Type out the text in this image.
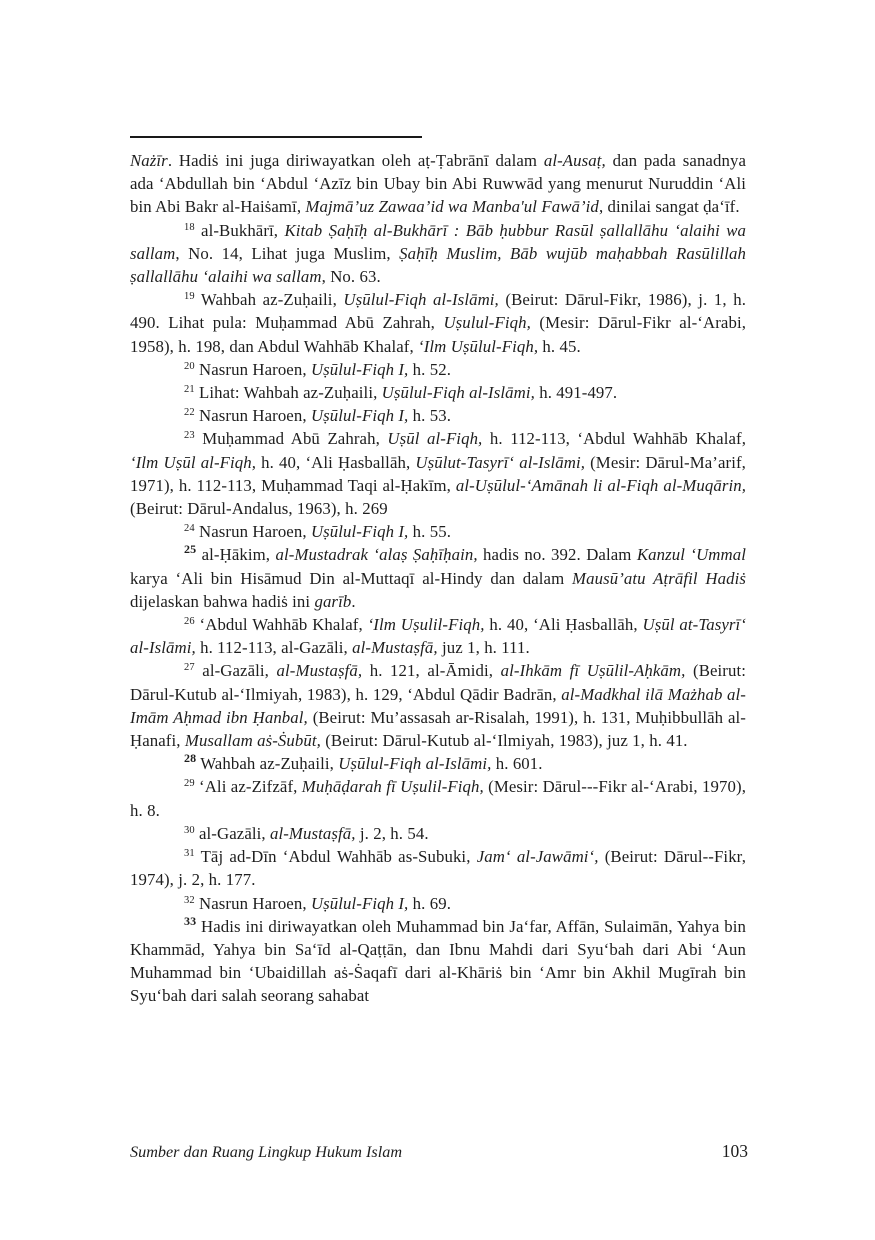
Nażīr. Hadiṡ ini juga diriwayatkan oleh aṭ-Ṭabrānī dalam al-Ausaṭ, dan pada sanadnya ada ‘Abdullah bin ‘Abdul ‘Azīz bin Ubay bin Abi Ruwwād yang menurut Nuruddin ‘Ali bin Abi Bakr al-Haiṡamī, Majmā’uz Zawaa’id wa Manba'ul Fawā’id, dinilai sangat ḍa‘īf.

$^{18}$ al-Bukhārī, Kitab Ṣaḥīḥ al-Bukhārī : Bāb ḥubbur Rasūl ṣallallāhu ‘alaihi wa sallam, No. 14, Lihat juga Muslim, Ṣaḥīḥ Muslim, Bāb wujūb maḥabbah Rasūlillah ṣallallāhu ‘alaihi wa sallam, No. 63.

$^{19}$ Wahbah az-Zuḥaili, Uṣūlul-Fiqh al-Islāmi, (Beirut: Dārul-Fikr, 1986), j. 1, h. 490. Lihat pula: Muḥammad Abū Zahrah, Uṣulul-Fiqh, (Mesir: Dārul-Fikr al-‘Arabi, 1958), h. 198, dan Abdul Wahhāb Khalaf, ‘Ilm Uṣūlul-Fiqh, h. 45.

$^{20}$ Nasrun Haroen, Uṣūlul-Fiqh I, h. 52.

$^{21}$ Lihat: Wahbah az-Zuḥaili, Uṣūlul-Fiqh al-Islāmi, h. 491-497.

$^{22}$ Nasrun Haroen, Uṣūlul-Fiqh I, h. 53.

$^{23}$ Muḥammad Abū Zahrah, Uṣūl al-Fiqh, h. 112-113, ‘Abdul Wahhāb Khalaf, ‘Ilm Uṣūl al-Fiqh, h. 40, ‘Ali Ḥasballāh, Uṣūlut-Tasyrī‘ al-Islāmi, (Mesir: Dārul-Ma’arif, 1971), h. 112-113, Muḥammad Taqi al-Ḥakīm, al-Uṣūlul-‘Amānah li al-Fiqh al-Muqārin, (Beirut: Dārul-Andalus, 1963), h. 269

$^{24}$ Nasrun Haroen, Uṣūlul-Fiqh I, h. 55.

$^{25}$ al-Ḥākim, al-Mustadrak ‘alaṣ Ṣaḥīḥain, hadis no. 392. Dalam Kanzul ‘Ummal karya ‘Ali bin Hisāmud Din al-Muttaqī al-Hindy dan dalam Mausū’atu Aṭrāfil Hadiṡ dijelaskan bahwa hadiṡ ini garīb.

$^{26}$ ‘Abdul Wahhāb Khalaf, ‘Ilm Uṣulil-Fiqh, h. 40, ‘Ali Ḥasballāh, Uṣūl at-Tasyrī‘ al-Islāmi, h. 112-113, al-Gazāli, al-Mustaṣfā, juz 1, h. 111.

$^{27}$ al-Gazāli, al-Mustaṣfā, h. 121, al-Āmidi, al-Ihkām fī Uṣūlil-Aḥkām, (Beirut: Dārul-Kutub al-‘Ilmiyah, 1983), h. 129, ‘Abdul Qādir Badrān, al-Madkhal ilā Mażhab al-Imām Aḥmad ibn Ḥanbal, (Beirut: Mu’assasah ar-Risalah, 1991), h. 131, Muḥibbullāh al-Ḥanafi, Musallam aṡ-Ṡubūt, (Beirut: Dārul-Kutub al-‘Ilmiyah, 1983), juz 1, h. 41.

$^{28}$ Wahbah az-Zuḥaili, Uṣūlul-Fiqh al-Islāmi, h. 601.

$^{29}$ ‘Ali az-Zifzāf, Muḥāḍarah fī Uṣulil-Fiqh, (Mesir: Dārul---Fikr al-‘Arabi, 1970), h. 8.

$^{30}$ al-Gazāli, al-Mustaṣfā, j. 2, h. 54.

$^{31}$ Tāj ad-Dīn ‘Abdul Wahhāb as-Subuki, Jam‘ al-Jawāmi‘, (Beirut: Dārul--Fikr, 1974), j. 2, h. 177.

$^{32}$ Nasrun Haroen, Uṣūlul-Fiqh I, h. 69.

$^{33}$ Hadis ini diriwayatkan oleh Muhammad bin Ja‘far, Affān, Sulaimān, Yahya bin Khammād, Yahya bin Sa‘īd al-Qaṭṭān, dan Ibnu Mahdi dari Syu‘bah dari Abi ‘Aun Muhammad bin ‘Ubaidillah aṡ-Ṡaqafī dari al-Khāriṡ bin ‘Amr bin Akhil Mugīrah bin Syu‘bah dari salah seorang sahabat

Sumber dan Ruang Lingkup Hukum Islam	103
